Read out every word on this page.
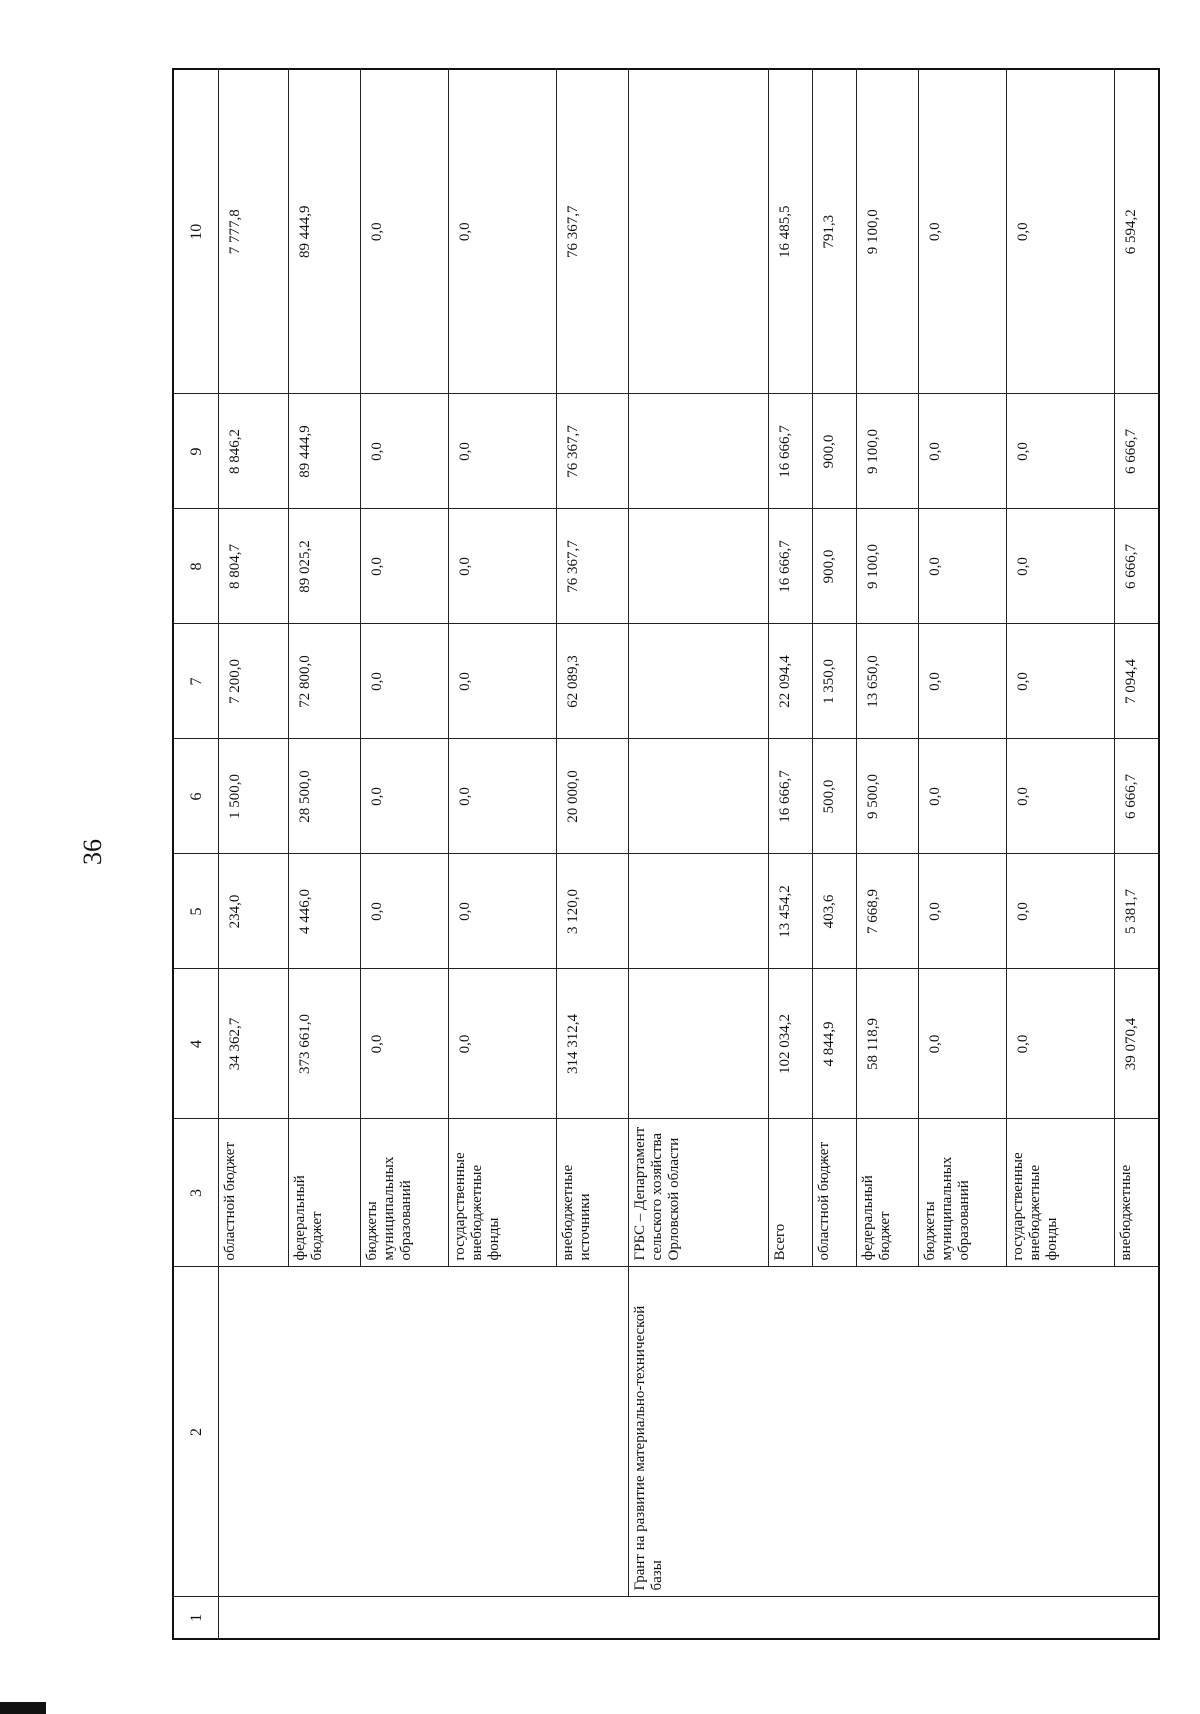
36
1	2	3	4	5	6	7	8	9	10
		областной бюджет	34 362,7	234,0	1 500,0	7 200,0	8 804,7	8 846,2	7 777,8
		федеральный бюджет	373 661,0	4 446,0	28 500,0	72 800,0	89 025,2	89 444,9	89 444,9
		бюджеты муниципальных образований	0,0	0,0	0,0	0,0	0,0	0,0	0,0
		государственные внебюджетные фонды	0,0	0,0	0,0	0,0	0,0	0,0	0,0
		внебюджетные источники	314 312,4	3 120,0	20 000,0	62 089,3	76 367,7	76 367,7	76 367,7
	Грант на развитие материально-технической базы	ГРБС – Департамент сельского хозяйства Орловской области							
		Всего	102 034,2	13 454,2	16 666,7	22 094,4	16 666,7	16 666,7	16 485,5
		областной бюджет	4 844,9	403,6	500,0	1 350,0	900,0	900,0	791,3
		федеральный бюджет	58 118,9	7 668,9	9 500,0	13 650,0	9 100,0	9 100,0	9 100,0
		бюджеты муниципальных образований	0,0	0,0	0,0	0,0	0,0	0,0	0,0
		государственные внебюджетные фонды	0,0	0,0	0,0	0,0	0,0	0,0	0,0
		внебюджетные	39 070,4	5 381,7	6 666,7	7 094,4	6 666,7	6 666,7	6 594,2
